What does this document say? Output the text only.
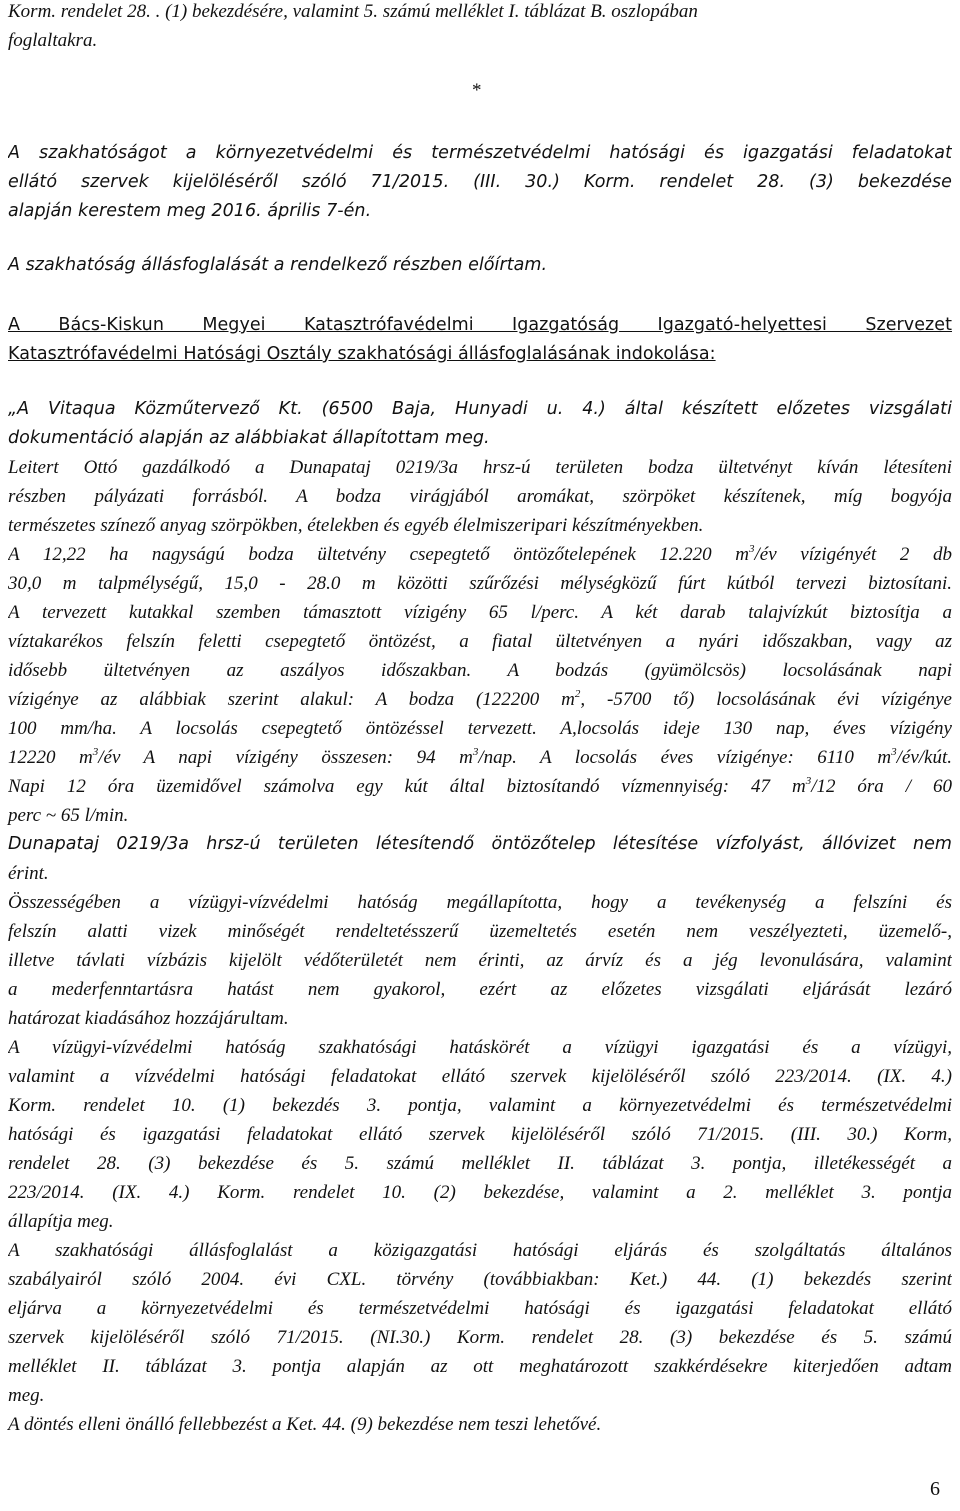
Korm. rendelet 28. . (1) bekezdésére, valamint 5. számú melléklet I. táblázat B. oszlopában
foglaltakra.
*
A szakhatóságot a környezetvédelmi és természetvédelmi hatósági és igazgatási feladatokat
ellátó szervek kijelöléséről szóló 71/2015. (III. 30.) Korm. rendelet 28. (3) bekezdése
alapján kerestem meg 2016. április 7-én.
A szakhatóság állásfoglalását a rendelkező részben előírtam.
A Bács-Kiskun Megyei Katasztrófavédelmi Igazgatóság Igazgató-helyettesi Szervezet
Katasztrófavédelmi Hatósági Osztály szakhatósági állásfoglalásának indokolása:
„A Vitaqua Közműtervező Kt. (6500 Baja, Hunyadi u. 4.) által készített előzetes vizsgálati
dokumentáció alapján az alábbiakat állapítottam meg.
Leitert Ottó gazdálkodó a Dunapataj 0219/3a hrsz-ú területen bodza ültetvényt kíván létesíteni
részben pályázati forrásból. A bodza virágjából aromákat, szörpöket készítenek, míg bogyója
természetes színező anyag szörpökben, ételekben és egyéb élelmiszeripari készítményekben.
A 12,22 ha nagyságú bodza ültetvény csepegtető öntözőtelepének 12.220 $m^3/év$ vízigényét 2 db
30,0 m talpmélységű, 15,0 - 28.0 m közötti szűrőzési mélységközű fúrt kútból tervezi biztosítani.
A tervezett kutakkal szemben támasztott vízigény 65 l/perc. A két darab talajvízkút biztosítja a
víztakarékos felszín feletti csepegtető öntözést, a fiatal ültetvényen a nyári időszakban, vagy az
idősebb ültetvényen az aszályos időszakban. A bodzás (gyümölcsös) locsolásának napi
vízigénye az alábbiak szerint alakul: A bodza (122200 $m^2$, -5700 tő) locsolásának évi vízigénye
100 mm/ha. A locsolás csepegtető öntözéssel tervezett. A,locsolás ideje 130 nap, éves vízigény
12220 $m^3/év$ A napi vízigény összesen: 94 $m^3$/nap. A locsolás éves vízigénye: 6110 $m^3/év$/kút.
Napi 12 óra üzemidővel számolva egy kút által biztosítandó vízmennyiség: 47 $m^3/12$ óra / 60
perc ~ 65 l/min.
Dunapataj 0219/3a hrsz-ú területen létesítendő öntözőtelep létesítése vízfolyást, állóvizet nem
érint.
Összességében a vízügyi-vízvédelmi hatóság megállapította, hogy a tevékenység a felszíni és
felszín alatti vizek minőségét rendeltetésszerű üzemeltetés esetén nem veszélyezteti, üzemelő-,
illetve távlati vízbázis kijelölt védőterületét nem érinti, az árvíz és a jég levonulására, valamint
a mederfenntartásra hatást nem gyakorol, ezért az előzetes vizsgálati eljárását lezáró
határozat kiadásához hozzájárultam.
A vízügyi-vízvédelmi hatóság szakhatósági hatáskörét a vízügyi igazgatási és a vízügyi,
valamint a vízvédelmi hatósági feladatokat ellátó szervek kijelöléséről szóló 223/2014. (IX. 4.)
Korm. rendelet 10. (1) bekezdés 3. pontja, valamint a környezetvédelmi és természetvédelmi
hatósági és igazgatási feladatokat ellátó szervek kijelöléséről szóló 71/2015. (III. 30.) Korm,
rendelet 28. (3) bekezdése és 5. számú melléklet II. táblázat 3. pontja, illetékességét a
223/2014. (IX. 4.) Korm. rendelet 10. (2) bekezdése, valamint a 2. melléklet 3. pontja
állapítja meg.
A szakhatósági állásfoglalást a közigazgatási hatósági eljárás és szolgáltatás általános
szabályairól szóló 2004. évi CXL. törvény (továbbiakban: Ket.) 44. (1) bekezdés szerint
eljárva a környezetvédelmi és természetvédelmi hatósági és igazgatási feladatokat ellátó
szervek kijelöléséről szóló 71/2015. (NI.30.) Korm. rendelet 28. (3) bekezdése és 5. számú
melléklet II. táblázat 3. pontja alapján az ott meghatározott szakkérdésekre kiterjedően adtam
meg.
A döntés elleni önálló fellebbezést a Ket. 44. (9) bekezdése nem teszi lehetővé.
6
